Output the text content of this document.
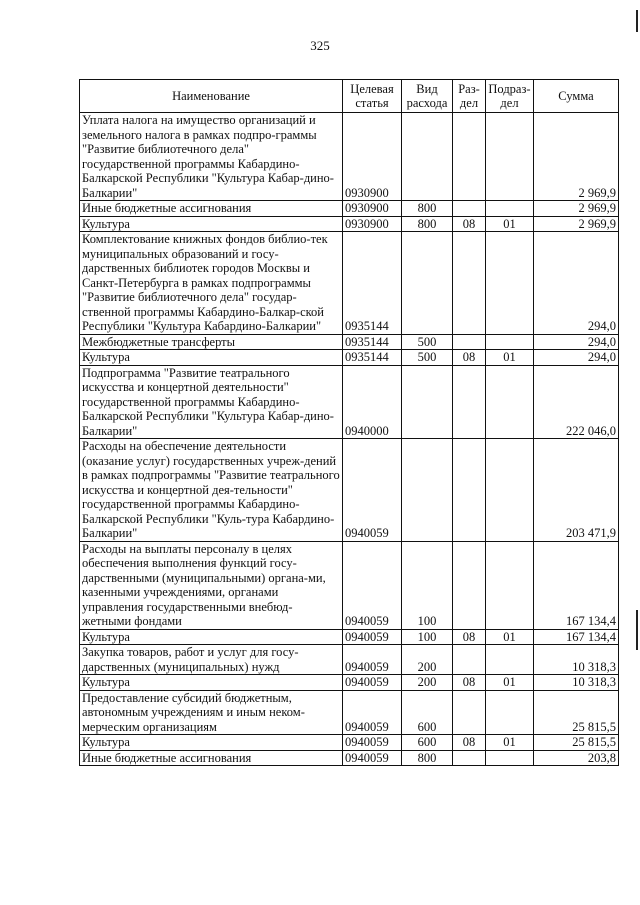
325
Наименование	Целевая статья	Вид расхода	Раз-дел	Подраз-дел	Сумма
Уплата налога на имущество организаций и земельного налога в рамках подпро-граммы "Развитие библиотечного дела" государственной программы Кабардино-Балкарской Республики "Культура Кабар-дино-Балкарии"	0930900				2 969,9
Иные бюджетные ассигнования	0930900	800			2 969,9
Культура	0930900	800	08	01	2 969,9
Комплектование книжных фондов библио-тек муниципальных образований и госу-дарственных библиотек городов Москвы и Санкт-Петербурга в рамках подпрограммы "Развитие библиотечного дела" государ-ственной программы Кабардино-Балкар-ской Республики "Культура Кабардино-Балкарии"	0935144				294,0
Межбюджетные трансферты	0935144	500			294,0
Культура	0935144	500	08	01	294,0
Подпрограмма "Развитие театрального искусства и концертной деятельности" государственной программы Кабардино-Балкарской Республики "Культура Кабар-дино-Балкарии"	0940000				222 046,0
Расходы на обеспечение деятельности (оказание услуг) государственных учреж-дений в рамках подпрограммы "Развитие театрального искусства и концертной дея-тельности" государственной программы Кабардино-Балкарской Республики "Куль-тура Кабардино-Балкарии"	0940059				203 471,9
Расходы на выплаты персоналу в целях обеспечения выполнения функций госу-дарственными (муниципальными) органа-ми, казенными учреждениями, органами управления государственными внебюд-жетными фондами	0940059	100			167 134,4
Культура	0940059	100	08	01	167 134,4
Закупка товаров, работ и услуг для госу-дарственных (муниципальных) нужд	0940059	200			10 318,3
Культура	0940059	200	08	01	10 318,3
Предоставление субсидий бюджетным, автономным учреждениям и иным неком-мерческим организациям	0940059	600			25 815,5
Культура	0940059	600	08	01	25 815,5
Иные бюджетные ассигнования	0940059	800			203,8
